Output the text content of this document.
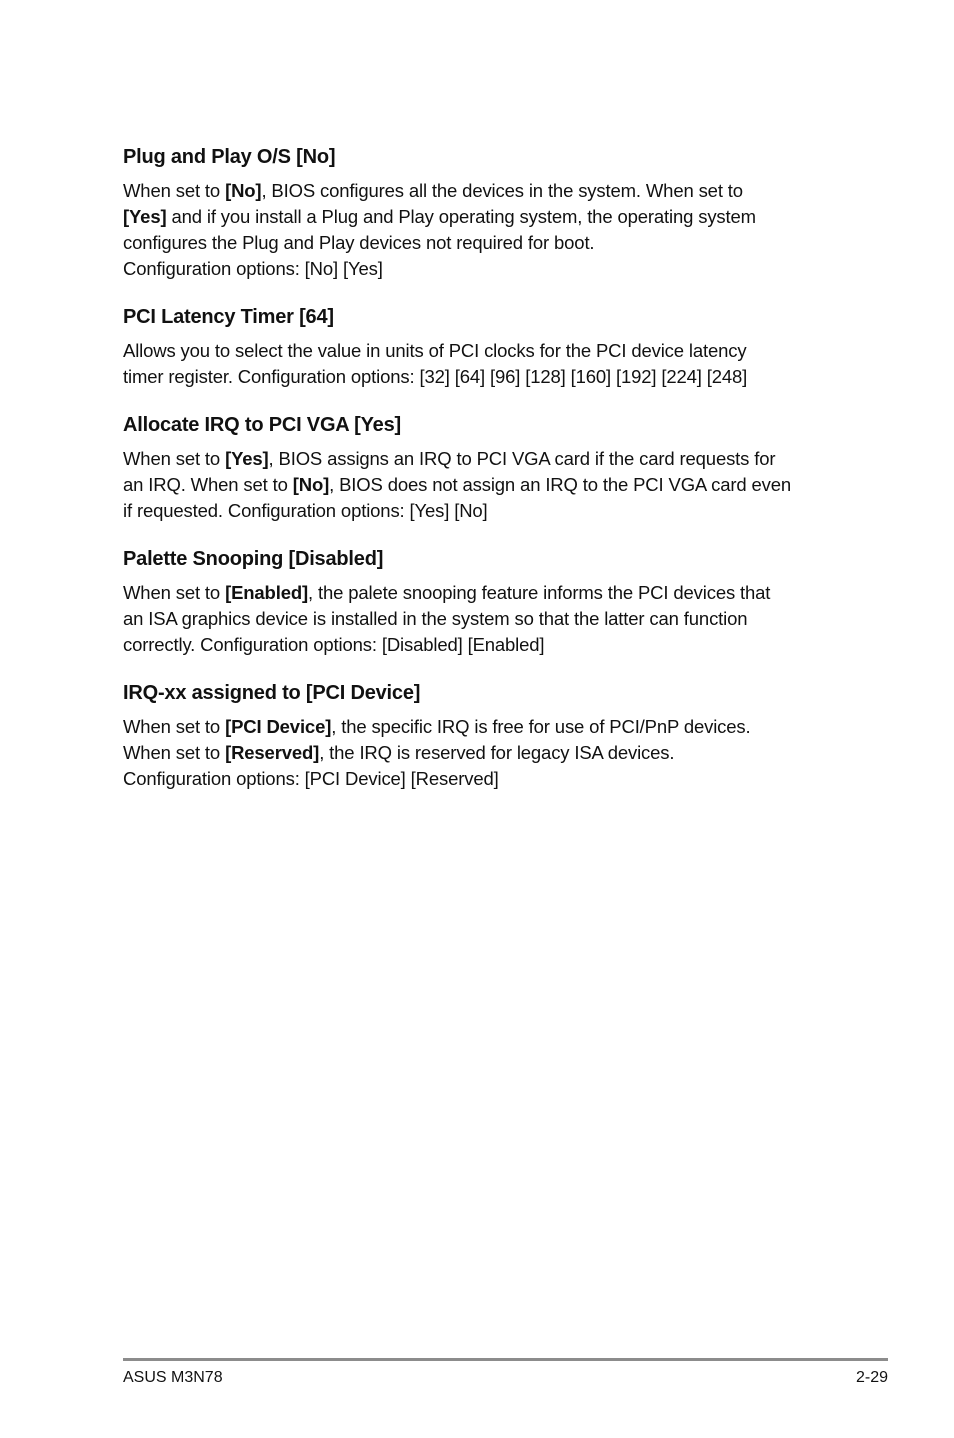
Plug and Play O/S [No]

When set to [No], BIOS configures all the devices in the system. When set to
[Yes] and if you install a Plug and Play operating system, the operating system
configures the Plug and Play devices not required for boot.
Configuration options: [No] [Yes]

PCI Latency Timer [64]

Allows you to select the value in units of PCI clocks for the PCI device latency
timer register. Configuration options: [32] [64] [96] [128] [160] [192] [224] [248]

Allocate IRQ to PCI VGA [Yes]

When set to [Yes], BIOS assigns an IRQ to PCI VGA card if the card requests for
an IRQ. When set to [No], BIOS does not assign an IRQ to the PCI VGA card even
if requested. Configuration options: [Yes] [No]

Palette Snooping [Disabled]

When set to [Enabled], the palete snooping feature informs the PCI devices that
an ISA graphics device is installed in the system so that the latter can function
correctly. Configuration options: [Disabled] [Enabled]

IRQ-xx assigned to [PCI Device]

When set to [PCI Device], the specific IRQ is free for use of PCI/PnP devices.
When set to [Reserved], the IRQ is reserved for legacy ISA devices.
Configuration options: [PCI Device] [Reserved]

ASUS M3N78	2-29
